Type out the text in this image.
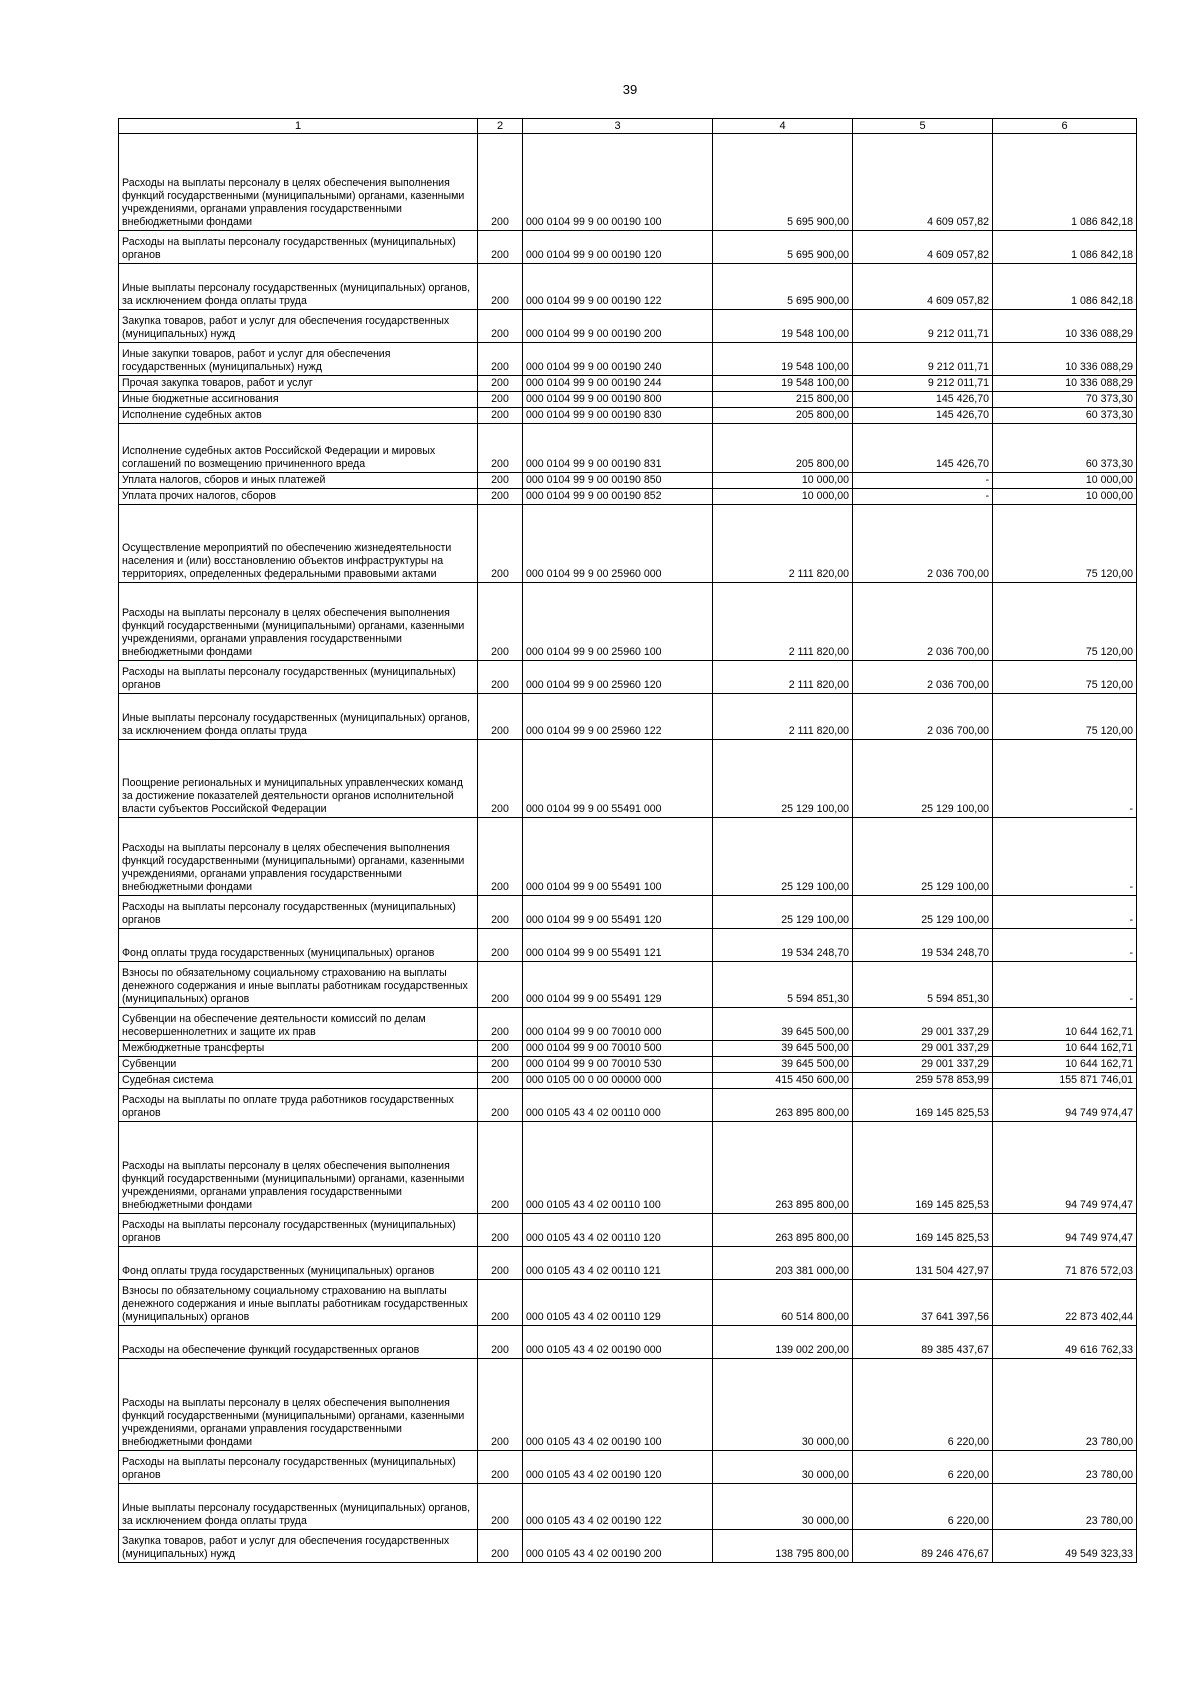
39
1	2	3	4	5	6
Расходы на выплаты персоналу в целях обеспечения выполнения функций государственными (муниципальными) органами, казенными учреждениями, органами управления государственными внебюджетными фондами	200	000 0104 99 9 00 00190 100	5 695 900,00	4 609 057,82	1 086 842,18
Расходы на выплаты персоналу государственных (муниципальных) органов	200	000 0104 99 9 00 00190 120	5 695 900,00	4 609 057,82	1 086 842,18
Иные выплаты персоналу государственных (муниципальных) органов, за исключением фонда оплаты труда	200	000 0104 99 9 00 00190 122	5 695 900,00	4 609 057,82	1 086 842,18
Закупка товаров, работ и услуг для обеспечения государственных (муниципальных) нужд	200	000 0104 99 9 00 00190 200	19 548 100,00	9 212 011,71	10 336 088,29
Иные закупки товаров, работ и услуг для обеспечения государственных (муниципальных) нужд	200	000 0104 99 9 00 00190 240	19 548 100,00	9 212 011,71	10 336 088,29
Прочая закупка товаров, работ и услуг	200	000 0104 99 9 00 00190 244	19 548 100,00	9 212 011,71	10 336 088,29
Иные бюджетные ассигнования	200	000 0104 99 9 00 00190 800	215 800,00	145 426,70	70 373,30
Исполнение судебных актов	200	000 0104 99 9 00 00190 830	205 800,00	145 426,70	60 373,30
Исполнение судебных актов Российской Федерации и мировых соглашений по возмещению причиненного вреда	200	000 0104 99 9 00 00190 831	205 800,00	145 426,70	60 373,30
Уплата налогов, сборов и иных платежей	200	000 0104 99 9 00 00190 850	10 000,00	-	10 000,00
Уплата прочих налогов, сборов	200	000 0104 99 9 00 00190 852	10 000,00	-	10 000,00
Осуществление мероприятий по обеспечению жизнедеятельности населения и (или) восстановлению объектов инфраструктуры на территориях, определенных федеральными правовыми актами	200	000 0104 99 9 00 25960 000	2 111 820,00	2 036 700,00	75 120,00
Расходы на выплаты персоналу в целях обеспечения выполнения функций государственными (муниципальными) органами, казенными учреждениями, органами управления государственными внебюджетными фондами	200	000 0104 99 9 00 25960 100	2 111 820,00	2 036 700,00	75 120,00
Расходы на выплаты персоналу государственных (муниципальных) органов	200	000 0104 99 9 00 25960 120	2 111 820,00	2 036 700,00	75 120,00
Иные выплаты персоналу государственных (муниципальных) органов, за исключением фонда оплаты труда	200	000 0104 99 9 00 25960 122	2 111 820,00	2 036 700,00	75 120,00
Поощрение региональных и муниципальных управленческих команд за достижение показателей деятельности органов исполнительной власти субъектов Российской Федерации	200	000 0104 99 9 00 55491 000	25 129 100,00	25 129 100,00	-
Расходы на выплаты персоналу в целях обеспечения выполнения функций государственными (муниципальными) органами, казенными учреждениями, органами управления государственными внебюджетными фондами	200	000 0104 99 9 00 55491 100	25 129 100,00	25 129 100,00	-
Расходы на выплаты персоналу государственных (муниципальных) органов	200	000 0104 99 9 00 55491 120	25 129 100,00	25 129 100,00	-
Фонд оплаты труда государственных (муниципальных) органов	200	000 0104 99 9 00 55491 121	19 534 248,70	19 534 248,70	-
Взносы по обязательному социальному страхованию на выплаты денежного содержания и иные выплаты работникам государственных (муниципальных) органов	200	000 0104 99 9 00 55491 129	5 594 851,30	5 594 851,30	-
Субвенции на обеспечение деятельности комиссий по делам несовершеннолетних и защите их прав	200	000 0104 99 9 00 70010 000	39 645 500,00	29 001 337,29	10 644 162,71
Межбюджетные трансферты	200	000 0104 99 9 00 70010 500	39 645 500,00	29 001 337,29	10 644 162,71
Субвенции	200	000 0104 99 9 00 70010 530	39 645 500,00	29 001 337,29	10 644 162,71
Судебная система	200	000 0105 00 0 00 00000 000	415 450 600,00	259 578 853,99	155 871 746,01
Расходы на выплаты по оплате труда работников государственных органов	200	000 0105 43 4 02 00110 000	263 895 800,00	169 145 825,53	94 749 974,47
Расходы на выплаты персоналу в целях обеспечения выполнения функций государственными (муниципальными) органами, казенными учреждениями, органами управления государственными внебюджетными фондами	200	000 0105 43 4 02 00110 100	263 895 800,00	169 145 825,53	94 749 974,47
Расходы на выплаты персоналу государственных (муниципальных) органов	200	000 0105 43 4 02 00110 120	263 895 800,00	169 145 825,53	94 749 974,47
Фонд оплаты труда государственных (муниципальных) органов	200	000 0105 43 4 02 00110 121	203 381 000,00	131 504 427,97	71 876 572,03
Взносы по обязательному социальному страхованию на выплаты денежного содержания и иные выплаты работникам государственных (муниципальных) органов	200	000 0105 43 4 02 00110 129	60 514 800,00	37 641 397,56	22 873 402,44
Расходы на обеспечение функций государственных органов	200	000 0105 43 4 02 00190 000	139 002 200,00	89 385 437,67	49 616 762,33
Расходы на выплаты персоналу в целях обеспечения выполнения функций государственными (муниципальными) органами, казенными учреждениями, органами управления государственными внебюджетными фондами	200	000 0105 43 4 02 00190 100	30 000,00	6 220,00	23 780,00
Расходы на выплаты персоналу государственных (муниципальных) органов	200	000 0105 43 4 02 00190 120	30 000,00	6 220,00	23 780,00
Иные выплаты персоналу государственных (муниципальных) органов, за исключением фонда оплаты труда	200	000 0105 43 4 02 00190 122	30 000,00	6 220,00	23 780,00
Закупка товаров, работ и услуг для обеспечения государственных (муниципальных) нужд	200	000 0105 43 4 02 00190 200	138 795 800,00	89 246 476,67	49 549 323,33
